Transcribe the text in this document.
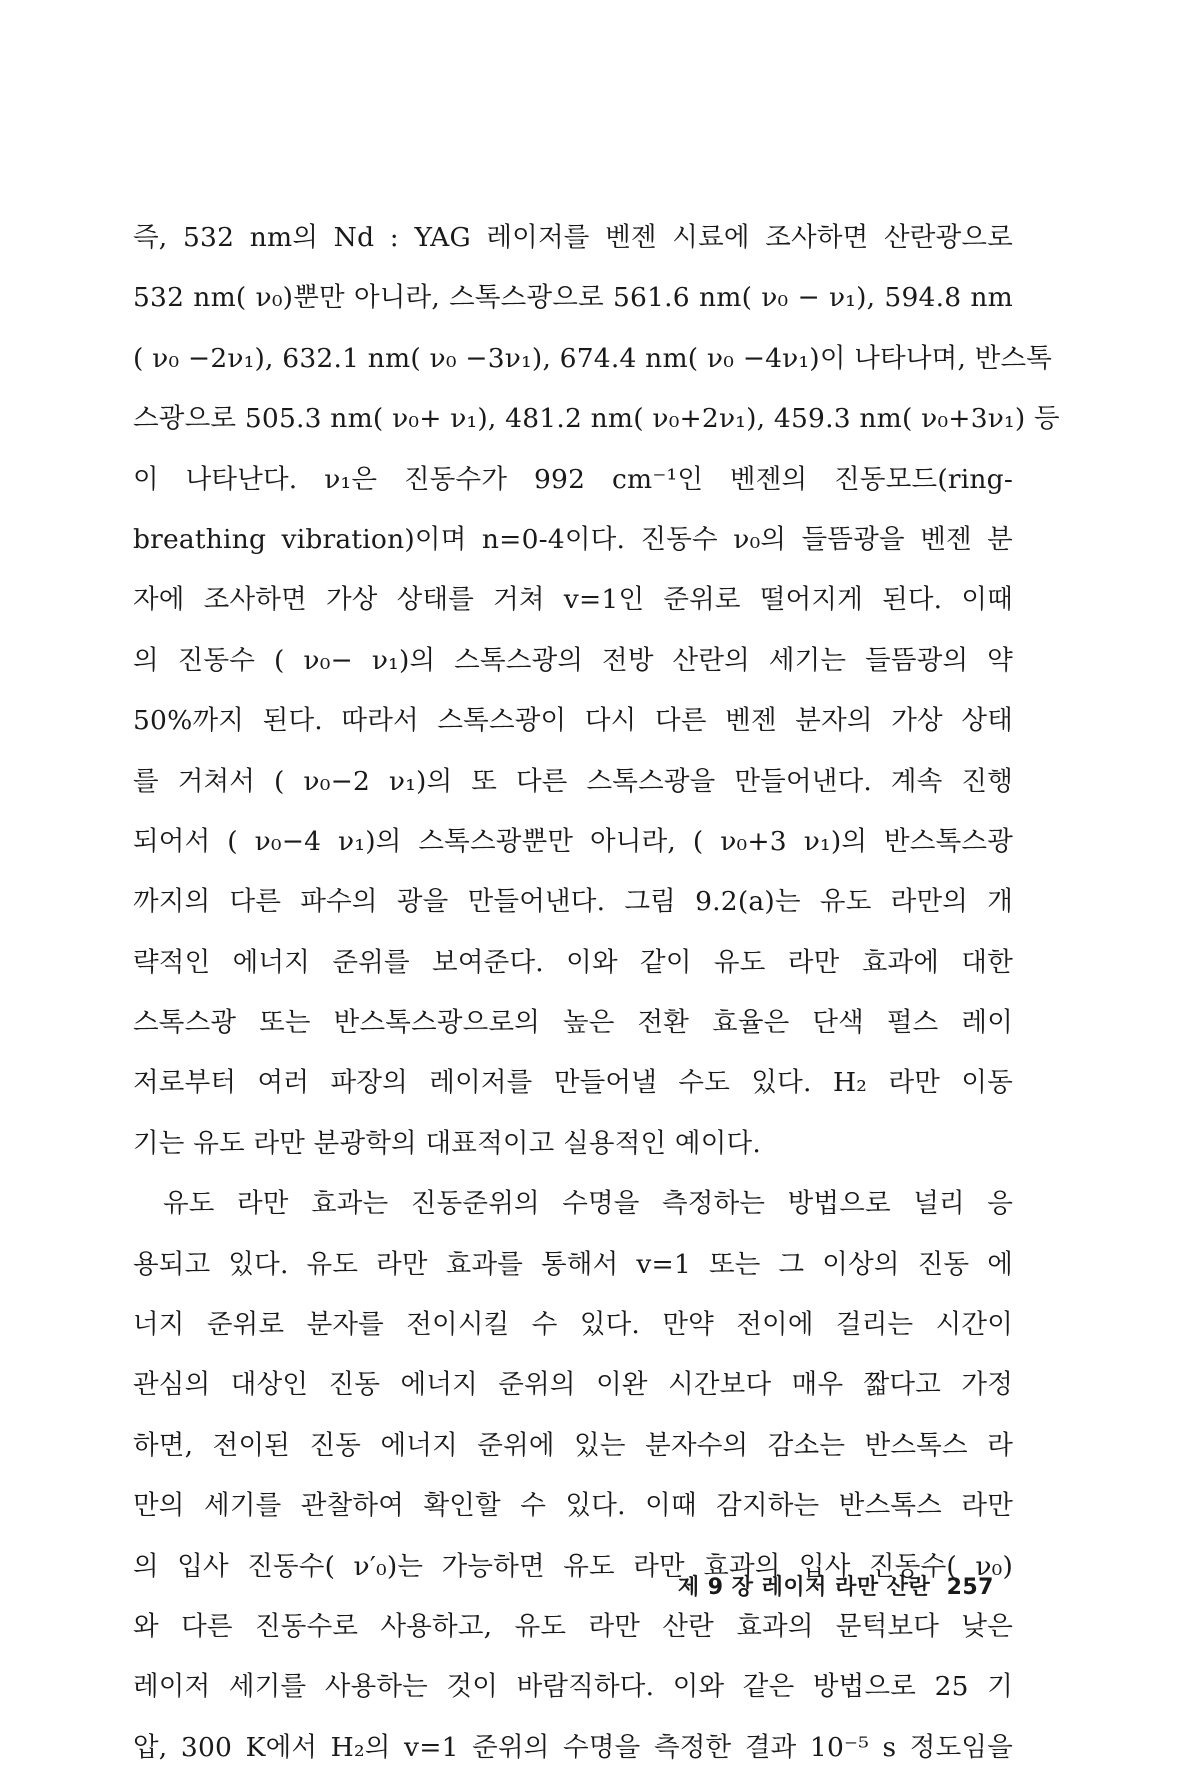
즉, 532 nm의 Nd : YAG 레이저를 벤젠 시료에 조사하면 산란광으로
532 nm( ν₀)뿐만 아니라, 스톡스광으로 561.6 nm( ν₀ − ν₁), 594.8 nm
( ν₀ −2ν₁), 632.1 nm( ν₀ −3ν₁), 674.4 nm( ν₀ −4ν₁)이 나타나며, 반스톡
스광으로 505.3 nm( ν₀+ ν₁), 481.2 nm( ν₀+2ν₁), 459.3 nm( ν₀+3ν₁) 등
이 나타난다. ν₁은 진동수가 992 cm⁻¹인 벤젠의 진동모드(ring-
breathing vibration)이며 n=0-4이다. 진동수 ν₀의 들뜸광을 벤젠 분
자에 조사하면 가상 상태를 거쳐 v=1인 준위로 떨어지게 된다. 이때
의 진동수 ( ν₀− ν₁)의 스톡스광의 전방 산란의 세기는 들뜸광의 약
50%까지 된다. 따라서 스톡스광이 다시 다른 벤젠 분자의 가상 상태
를 거쳐서 ( ν₀−2 ν₁)의 또 다른 스톡스광을 만들어낸다. 계속 진행
되어서 ( ν₀−4 ν₁)의 스톡스광뿐만 아니라, ( ν₀+3 ν₁)의 반스톡스광
까지의 다른 파수의 광을 만들어낸다. 그림 9.2(a)는 유도 라만의 개
략적인 에너지 준위를 보여준다. 이와 같이 유도 라만 효과에 대한
스톡스광 또는 반스톡스광으로의 높은 전환 효율은 단색 펄스 레이
저로부터 여러 파장의 레이저를 만들어낼 수도 있다. H₂ 라만 이동
기는 유도 라만 분광학의 대표적이고 실용적인 예이다.
유도 라만 효과는 진동준위의 수명을 측정하는 방법으로 널리 응
용되고 있다. 유도 라만 효과를 통해서 v=1 또는 그 이상의 진동 에
너지 준위로 분자를 전이시킬 수 있다. 만약 전이에 걸리는 시간이
관심의 대상인 진동 에너지 준위의 이완 시간보다 매우 짧다고 가정
하면, 전이된 진동 에너지 준위에 있는 분자수의 감소는 반스톡스 라
만의 세기를 관찰하여 확인할 수 있다. 이때 감지하는 반스톡스 라만
의 입사 진동수( ν′₀)는 가능하면 유도 라만 효과의 입사 진동수( ν₀)
와 다른 진동수로 사용하고, 유도 라만 산란 효과의 문턱보다 낮은
레이저 세기를 사용하는 것이 바람직하다. 이와 같은 방법으로 25 기
압, 300 K에서 H₂의 v=1 준위의 수명을 측정한 결과 10⁻⁵ s 정도임을
제 9 장 레이저 라만 산란 257
